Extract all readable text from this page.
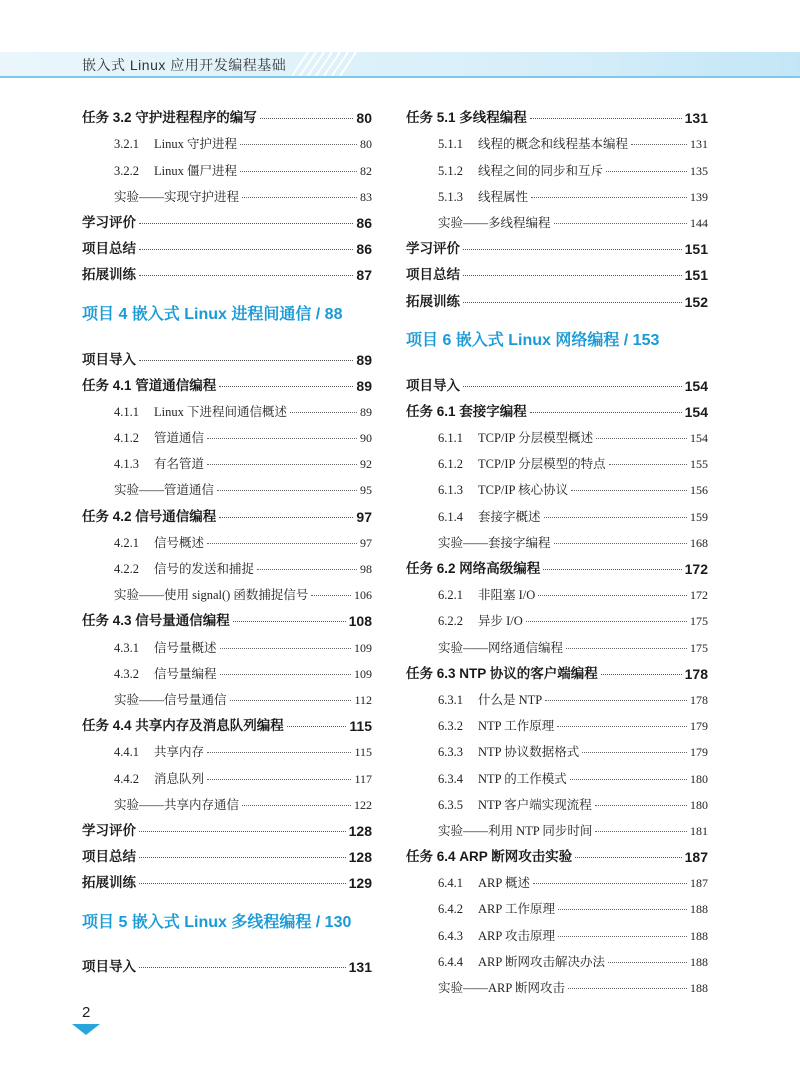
嵌入式 Linux 应用开发编程基础
任务 3.2 守护进程程序的编写	80
3.2.1 Linux 守护进程	80
3.2.2 Linux 僵尸进程	82
实验——实现守护进程	83
学习评价	86
项目总结	86
拓展训练	87
项目 4 嵌入式 Linux 进程间通信 / 88
项目导入	89
任务 4.1 管道通信编程	89
4.1.1 Linux 下进程间通信概述	89
4.1.2 管道通信	90
4.1.3 有名管道	92
实验——管道通信	95
任务 4.2 信号通信编程	97
4.2.1 信号概述	97
4.2.2 信号的发送和捕捉	98
实验——使用 signal() 函数捕捉信号	106
任务 4.3 信号量通信编程	108
4.3.1 信号量概述	109
4.3.2 信号量编程	109
实验——信号量通信	112
任务 4.4 共享内存及消息队列编程	115
4.4.1 共享内存	115
4.4.2 消息队列	117
实验——共享内存通信	122
学习评价	128
项目总结	128
拓展训练	129
项目 5 嵌入式 Linux 多线程编程 / 130
项目导入	131
任务 5.1 多线程编程	131
5.1.1 线程的概念和线程基本编程	131
5.1.2 线程之间的同步和互斥	135
5.1.3 线程属性	139
实验——多线程编程	144
学习评价	151
项目总结	151
拓展训练	152
项目 6 嵌入式 Linux 网络编程 / 153
项目导入	154
任务 6.1 套接字编程	154
6.1.1 TCP/IP 分层模型概述	154
6.1.2 TCP/IP 分层模型的特点	155
6.1.3 TCP/IP 核心协议	156
6.1.4 套接字概述	159
实验——套接字编程	168
任务 6.2 网络高级编程	172
6.2.1 非阻塞 I/O	172
6.2.2 异步 I/O	175
实验——网络通信编程	175
任务 6.3 NTP 协议的客户端编程	178
6.3.1 什么是 NTP	178
6.3.2 NTP 工作原理	179
6.3.3 NTP 协议数据格式	179
6.3.4 NTP 的工作模式	180
6.3.5 NTP 客户端实现流程	180
实验——利用 NTP 同步时间	181
任务 6.4 ARP 断网攻击实验	187
6.4.1 ARP 概述	187
6.4.2 ARP 工作原理	188
6.4.3 ARP 攻击原理	188
6.4.4 ARP 断网攻击解决办法	188
实验——ARP 断网攻击	188
2
